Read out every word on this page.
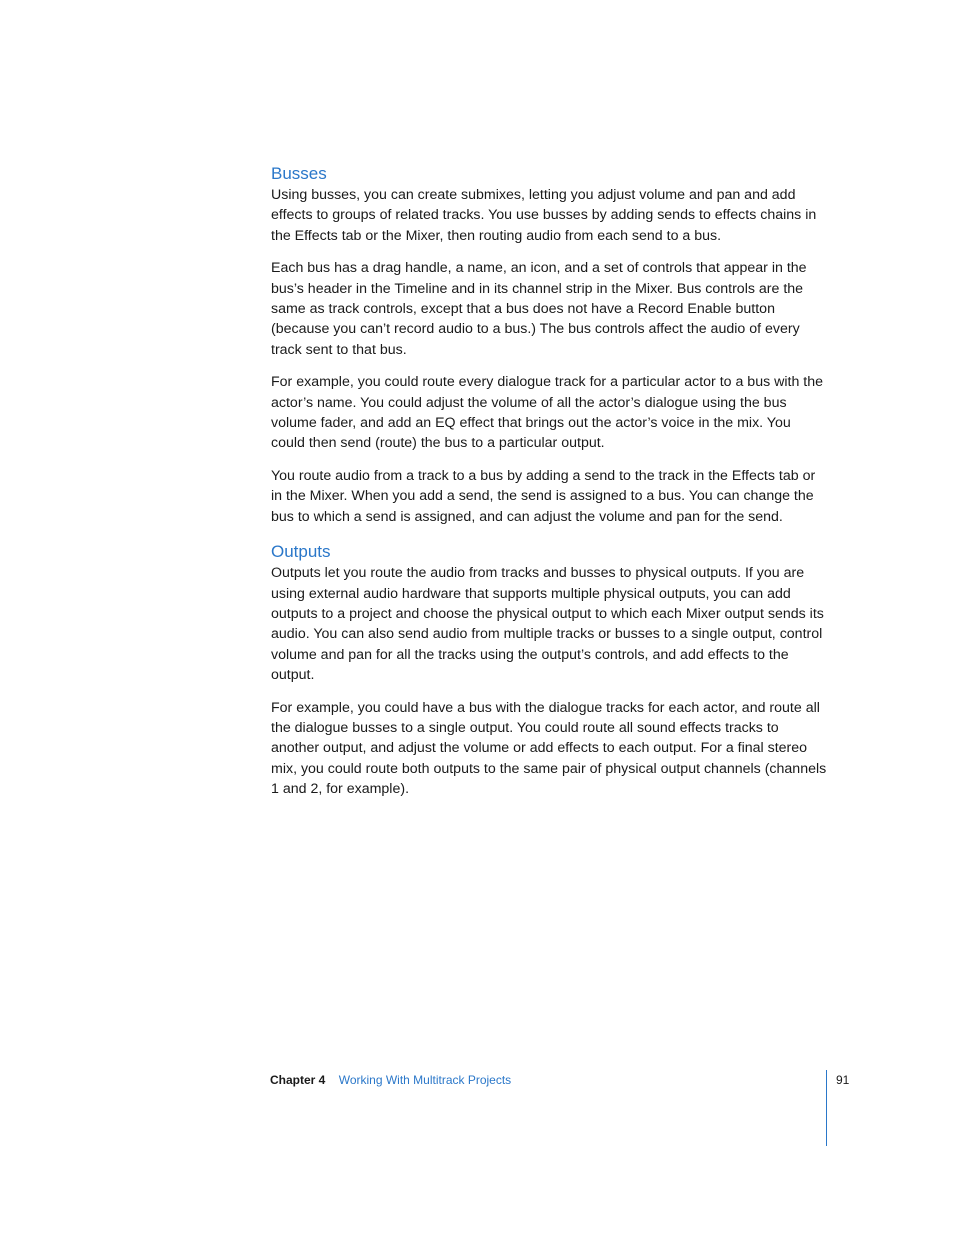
Busses

Using busses, you can create submixes, letting you adjust volume and pan and add effects to groups of related tracks. You use busses by adding sends to effects chains in the Effects tab or the Mixer, then routing audio from each send to a bus.

Each bus has a drag handle, a name, an icon, and a set of controls that appear in the bus’s header in the Timeline and in its channel strip in the Mixer. Bus controls are the same as track controls, except that a bus does not have a Record Enable button (because you can’t record audio to a bus.) The bus controls affect the audio of every track sent to that bus.

For example, you could route every dialogue track for a particular actor to a bus with the actor’s name. You could adjust the volume of all the actor’s dialogue using the bus volume fader, and add an EQ effect that brings out the actor’s voice in the mix. You could then send (route) the bus to a particular output.

You route audio from a track to a bus by adding a send to the track in the Effects tab or in the Mixer. When you add a send, the send is assigned to a bus. You can change the bus to which a send is assigned, and can adjust the volume and pan for the send.

Outputs

Outputs let you route the audio from tracks and busses to physical outputs. If you are using external audio hardware that supports multiple physical outputs, you can add outputs to a project and choose the physical output to which each Mixer output sends its audio. You can also send audio from multiple tracks or busses to a single output, control volume and pan for all the tracks using the output’s controls, and add effects to the output.

For example, you could have a bus with the dialogue tracks for each actor, and route all the dialogue busses to a single output. You could route all sound effects tracks to another output, and adjust the volume or add effects to each output. For a final stereo mix, you could route both outputs to the same pair of physical output channels (channels 1 and 2, for example).

Chapter 4 Working With Multitrack Projects	91
